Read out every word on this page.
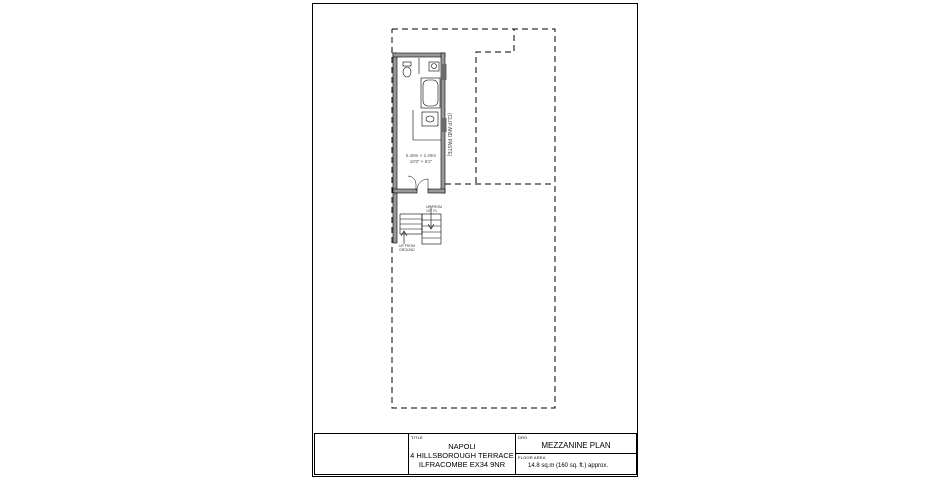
(CLIP AND PASTE)
5.49m × 2.49m
18'0" × 8'2"
UP FROM
1ST FL
UP FROM
GROUND
TITLE
NAPOLI
4 HILLSBOROUGH TERRACE
ILFRACOMBE EX34 9NR
DRG.
MEZZANINE PLAN
FLOOR AREA
14.8 sq.m (160 sq. ft.) approx.
